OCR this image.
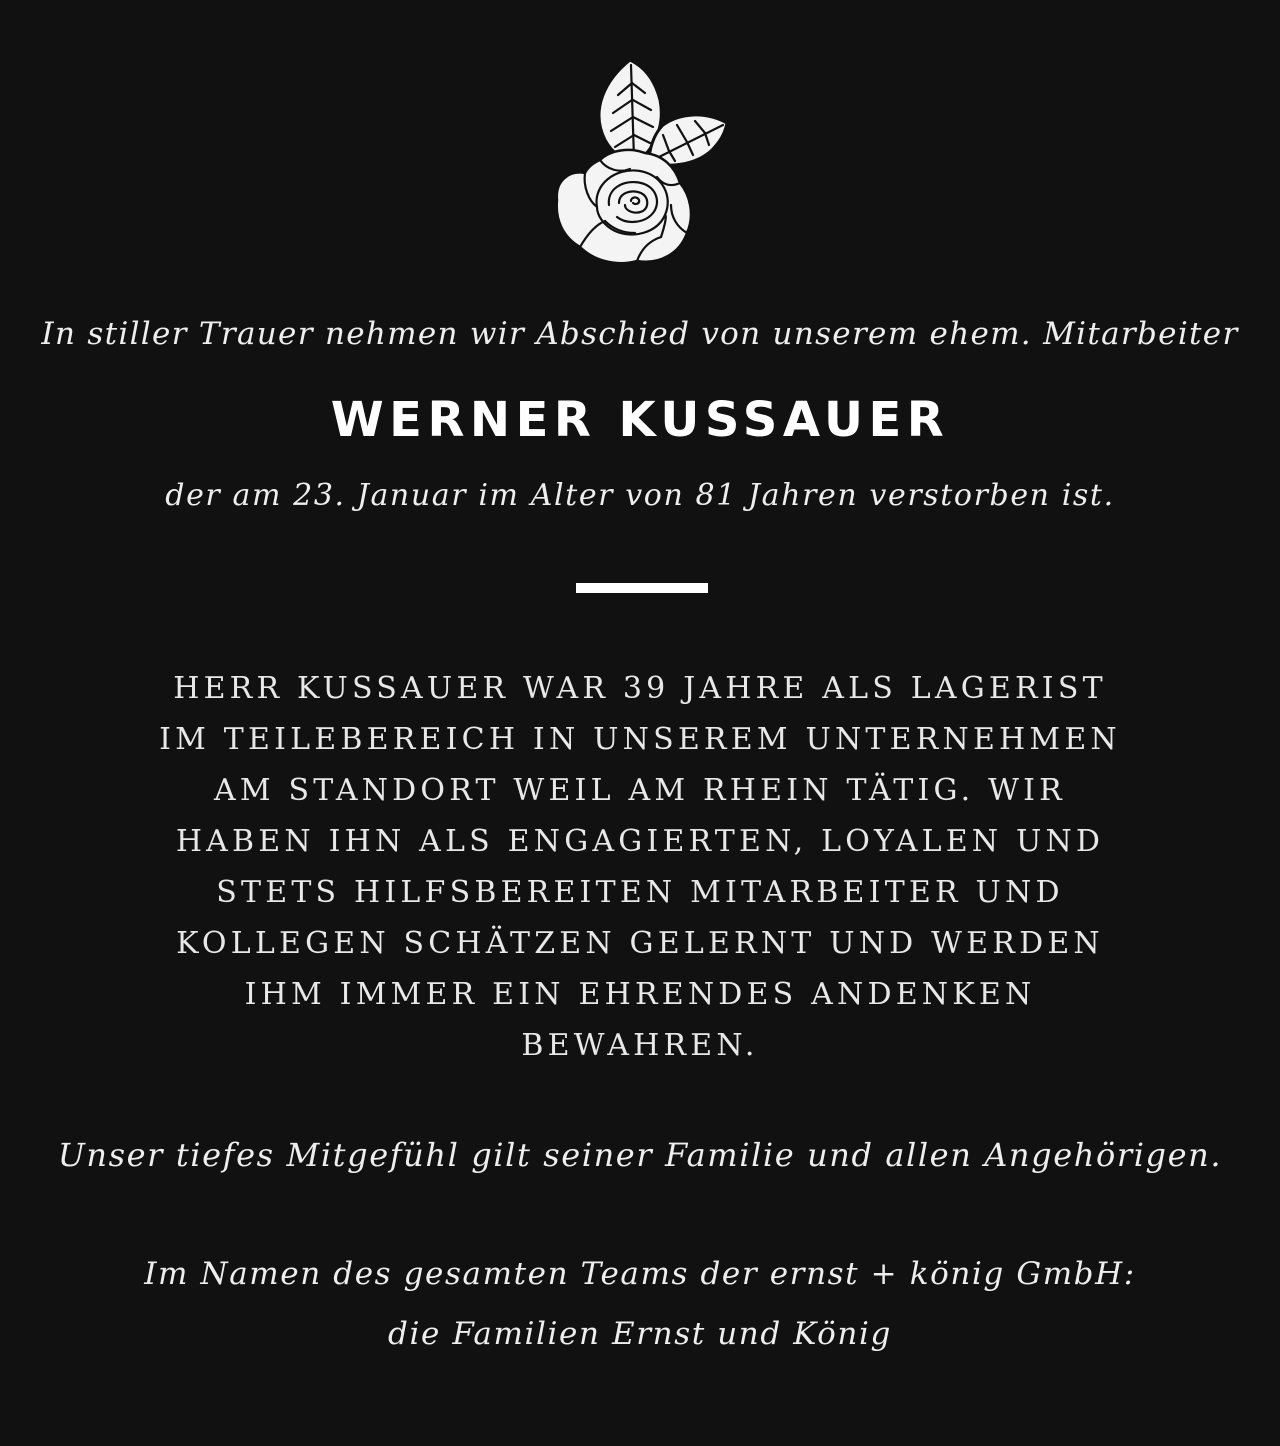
In stiller Trauer nehmen wir Abschied von unserem ehem. Mitarbeiter
WERNER KUSSAUER
der am 23. Januar im Alter von 81 Jahren verstorben ist.
HERR KUSSAUER WAR 39 JAHRE ALS LAGERIST
IM TEILEBEREICH IN UNSEREM UNTERNEHMEN
AM STANDORT WEIL AM RHEIN TÄTIG. WIR
HABEN IHN ALS ENGAGIERTEN, LOYALEN UND
STETS HILFSBEREITEN MITARBEITER UND
KOLLEGEN SCHÄTZEN GELERNT UND WERDEN
IHM IMMER EIN EHRENDES ANDENKEN
BEWAHREN.
Unser tiefes Mitgefühl gilt seiner Familie und allen Angehörigen.
Im Namen des gesamten Teams der ernst + könig GmbH:
die Familien Ernst und König
